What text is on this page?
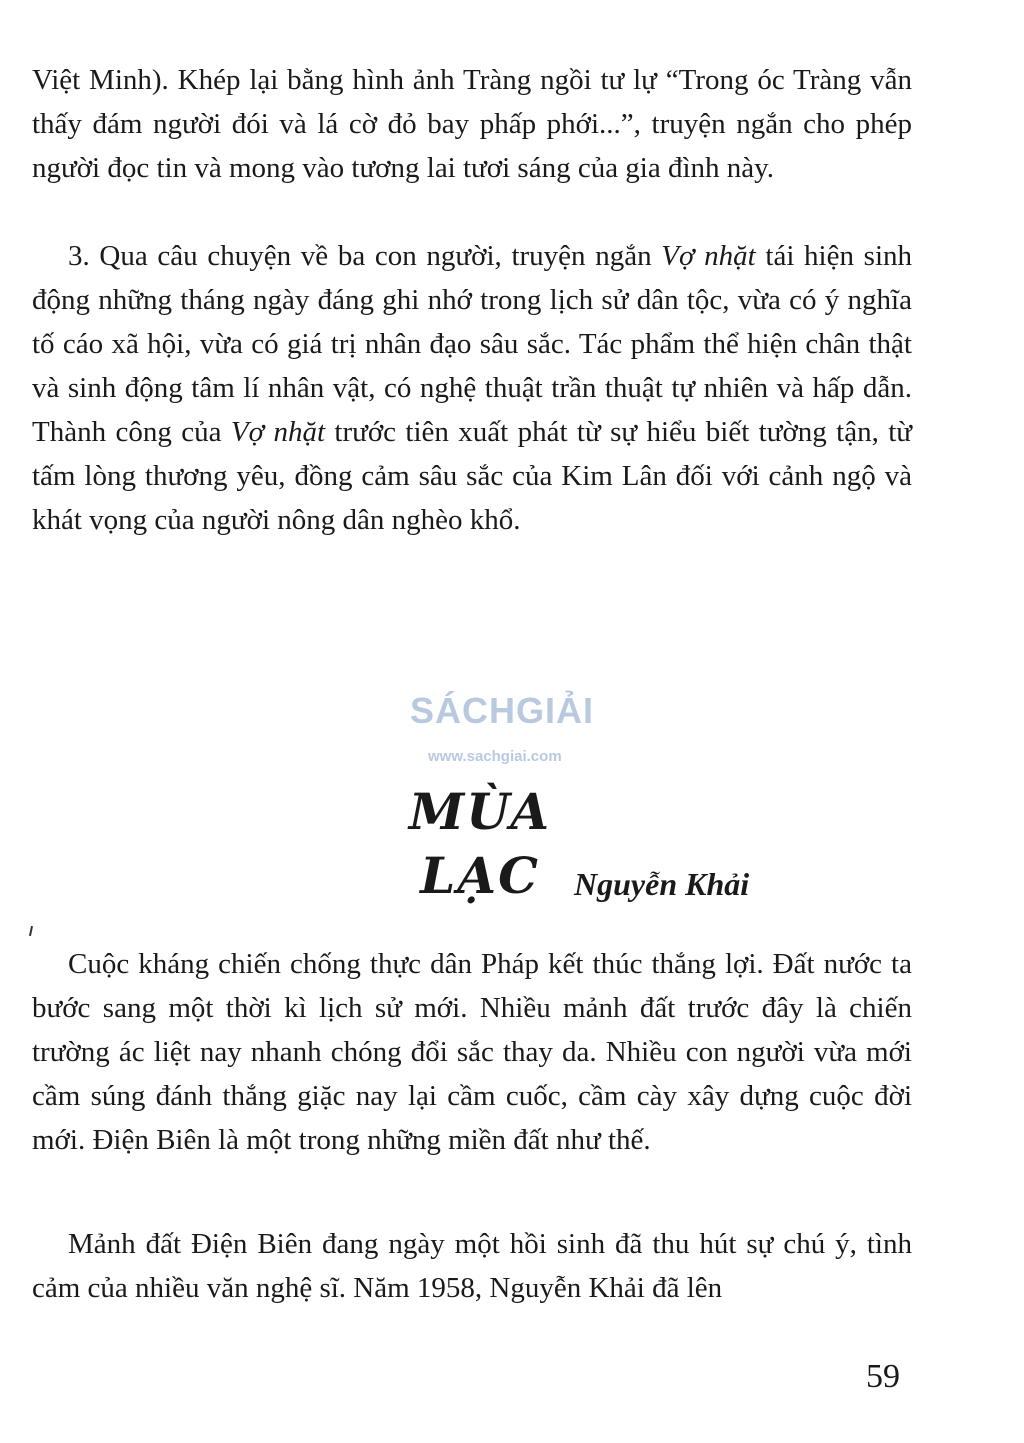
Việt Minh). Khép lại bằng hình ảnh Tràng ngồi tư lự “Trong óc Tràng vẫn thấy đám người đói và lá cờ đỏ bay phấp phới...”, truyện ngắn cho phép người đọc tin và mong vào tương lai tươi sáng của gia đình này.

3. Qua câu chuyện về ba con người, truyện ngắn Vợ nhặt tái hiện sinh động những tháng ngày đáng ghi nhớ trong lịch sử dân tộc, vừa có ý nghĩa tố cáo xã hội, vừa có giá trị nhân đạo sâu sắc. Tác phẩm thể hiện chân thật và sinh động tâm lí nhân vật, có nghệ thuật trần thuật tự nhiên và hấp dẫn. Thành công của Vợ nhặt trước tiên xuất phát từ sự hiểu biết tường tận, từ tấm lòng thương yêu, đồng cảm sâu sắc của Kim Lân đối với cảnh ngộ và khát vọng của người nông dân nghèo khổ.

SÁCHGIẢI
www.sachgiai.com
MÙA LẠC	Nguyễn Khải

Cuộc kháng chiến chống thực dân Pháp kết thúc thắng lợi. Đất nước ta bước sang một thời kì lịch sử mới. Nhiều mảnh đất trước đây là chiến trường ác liệt nay nhanh chóng đổi sắc thay da. Nhiều con người vừa mới cầm súng đánh thắng giặc nay lại cầm cuốc, cầm cày xây dựng cuộc đời mới. Điện Biên là một trong những miền đất như thế.

Mảnh đất Điện Biên đang ngày một hồi sinh đã thu hút sự chú ý, tình cảm của nhiều văn nghệ sĩ. Năm 1958, Nguyễn Khải đã lên

59
